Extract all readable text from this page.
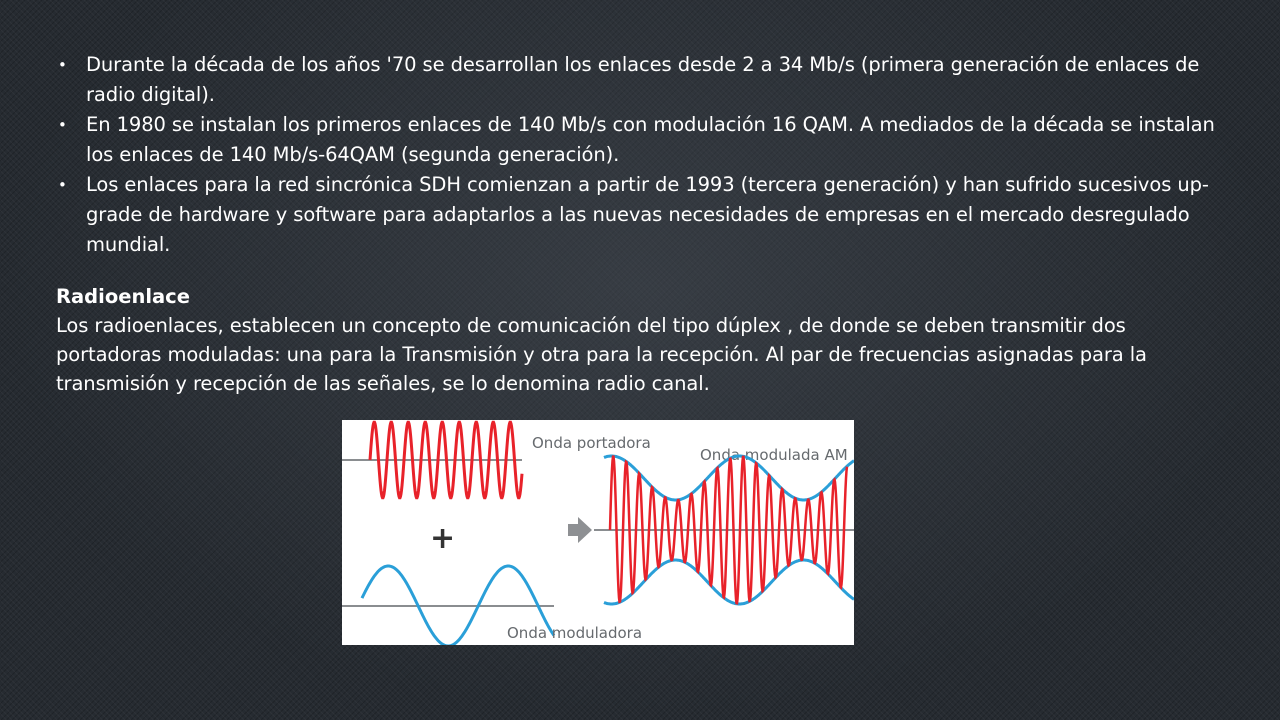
• Durante la década de los años '70 se desarrollan los enlaces desde 2 a 34 Mb/s (primera generación de enlaces de radio digital).
• En 1980 se instalan los primeros enlaces de 140 Mb/s con modulación 16 QAM. A mediados de la década se instalan los enlaces de 140 Mb/s-64QAM (segunda generación).
• Los enlaces para la red sincrónica SDH comienzan a partir de 1993 (tercera generación) y han sufrido sucesivos up-grade de hardware y software para adaptarlos a las nuevas necesidades de empresas en el mercado desregulado mundial.
Radioenlace

Los radioenlaces, establecen un concepto de comunicación del tipo dúplex , de donde se deben transmitir dos portadoras moduladas: una para la Transmisión y otra para la recepción. Al par de frecuencias asignadas para la transmisión y recepción de las señales, se lo denomina radio canal.

Onda portadora
+
Onda moduladora
Onda modulada AM
